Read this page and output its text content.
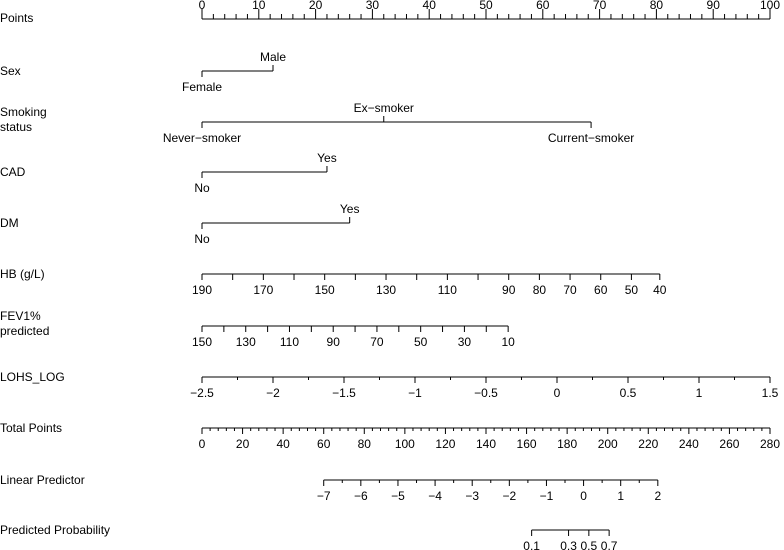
Points
0	10	20	30	40	50	60	70	80	90	100
Sex
Female
Male
Smoking
status
Never−smoker
Ex−smoker
Current−smoker
CAD
No
Yes
DM
No
Yes
HB (g/L)
190	170	150	130	110	90 80 70 60 50 40
FEV1%
predicted
150 130 110 90	70	50	30	10
LOHS_LOG
−2.5	−2	−1.5	−1	−0.5	0	0.5	1	1.5
Total Points
0	20 40 60 80 100 120 140 160 180 200 220 240 260 280
Linear Predictor
−7 −6 −5 −4 −3 −2 −1 0	1	2
Predicted Probability
0.1 0.3 0.5 0.7
